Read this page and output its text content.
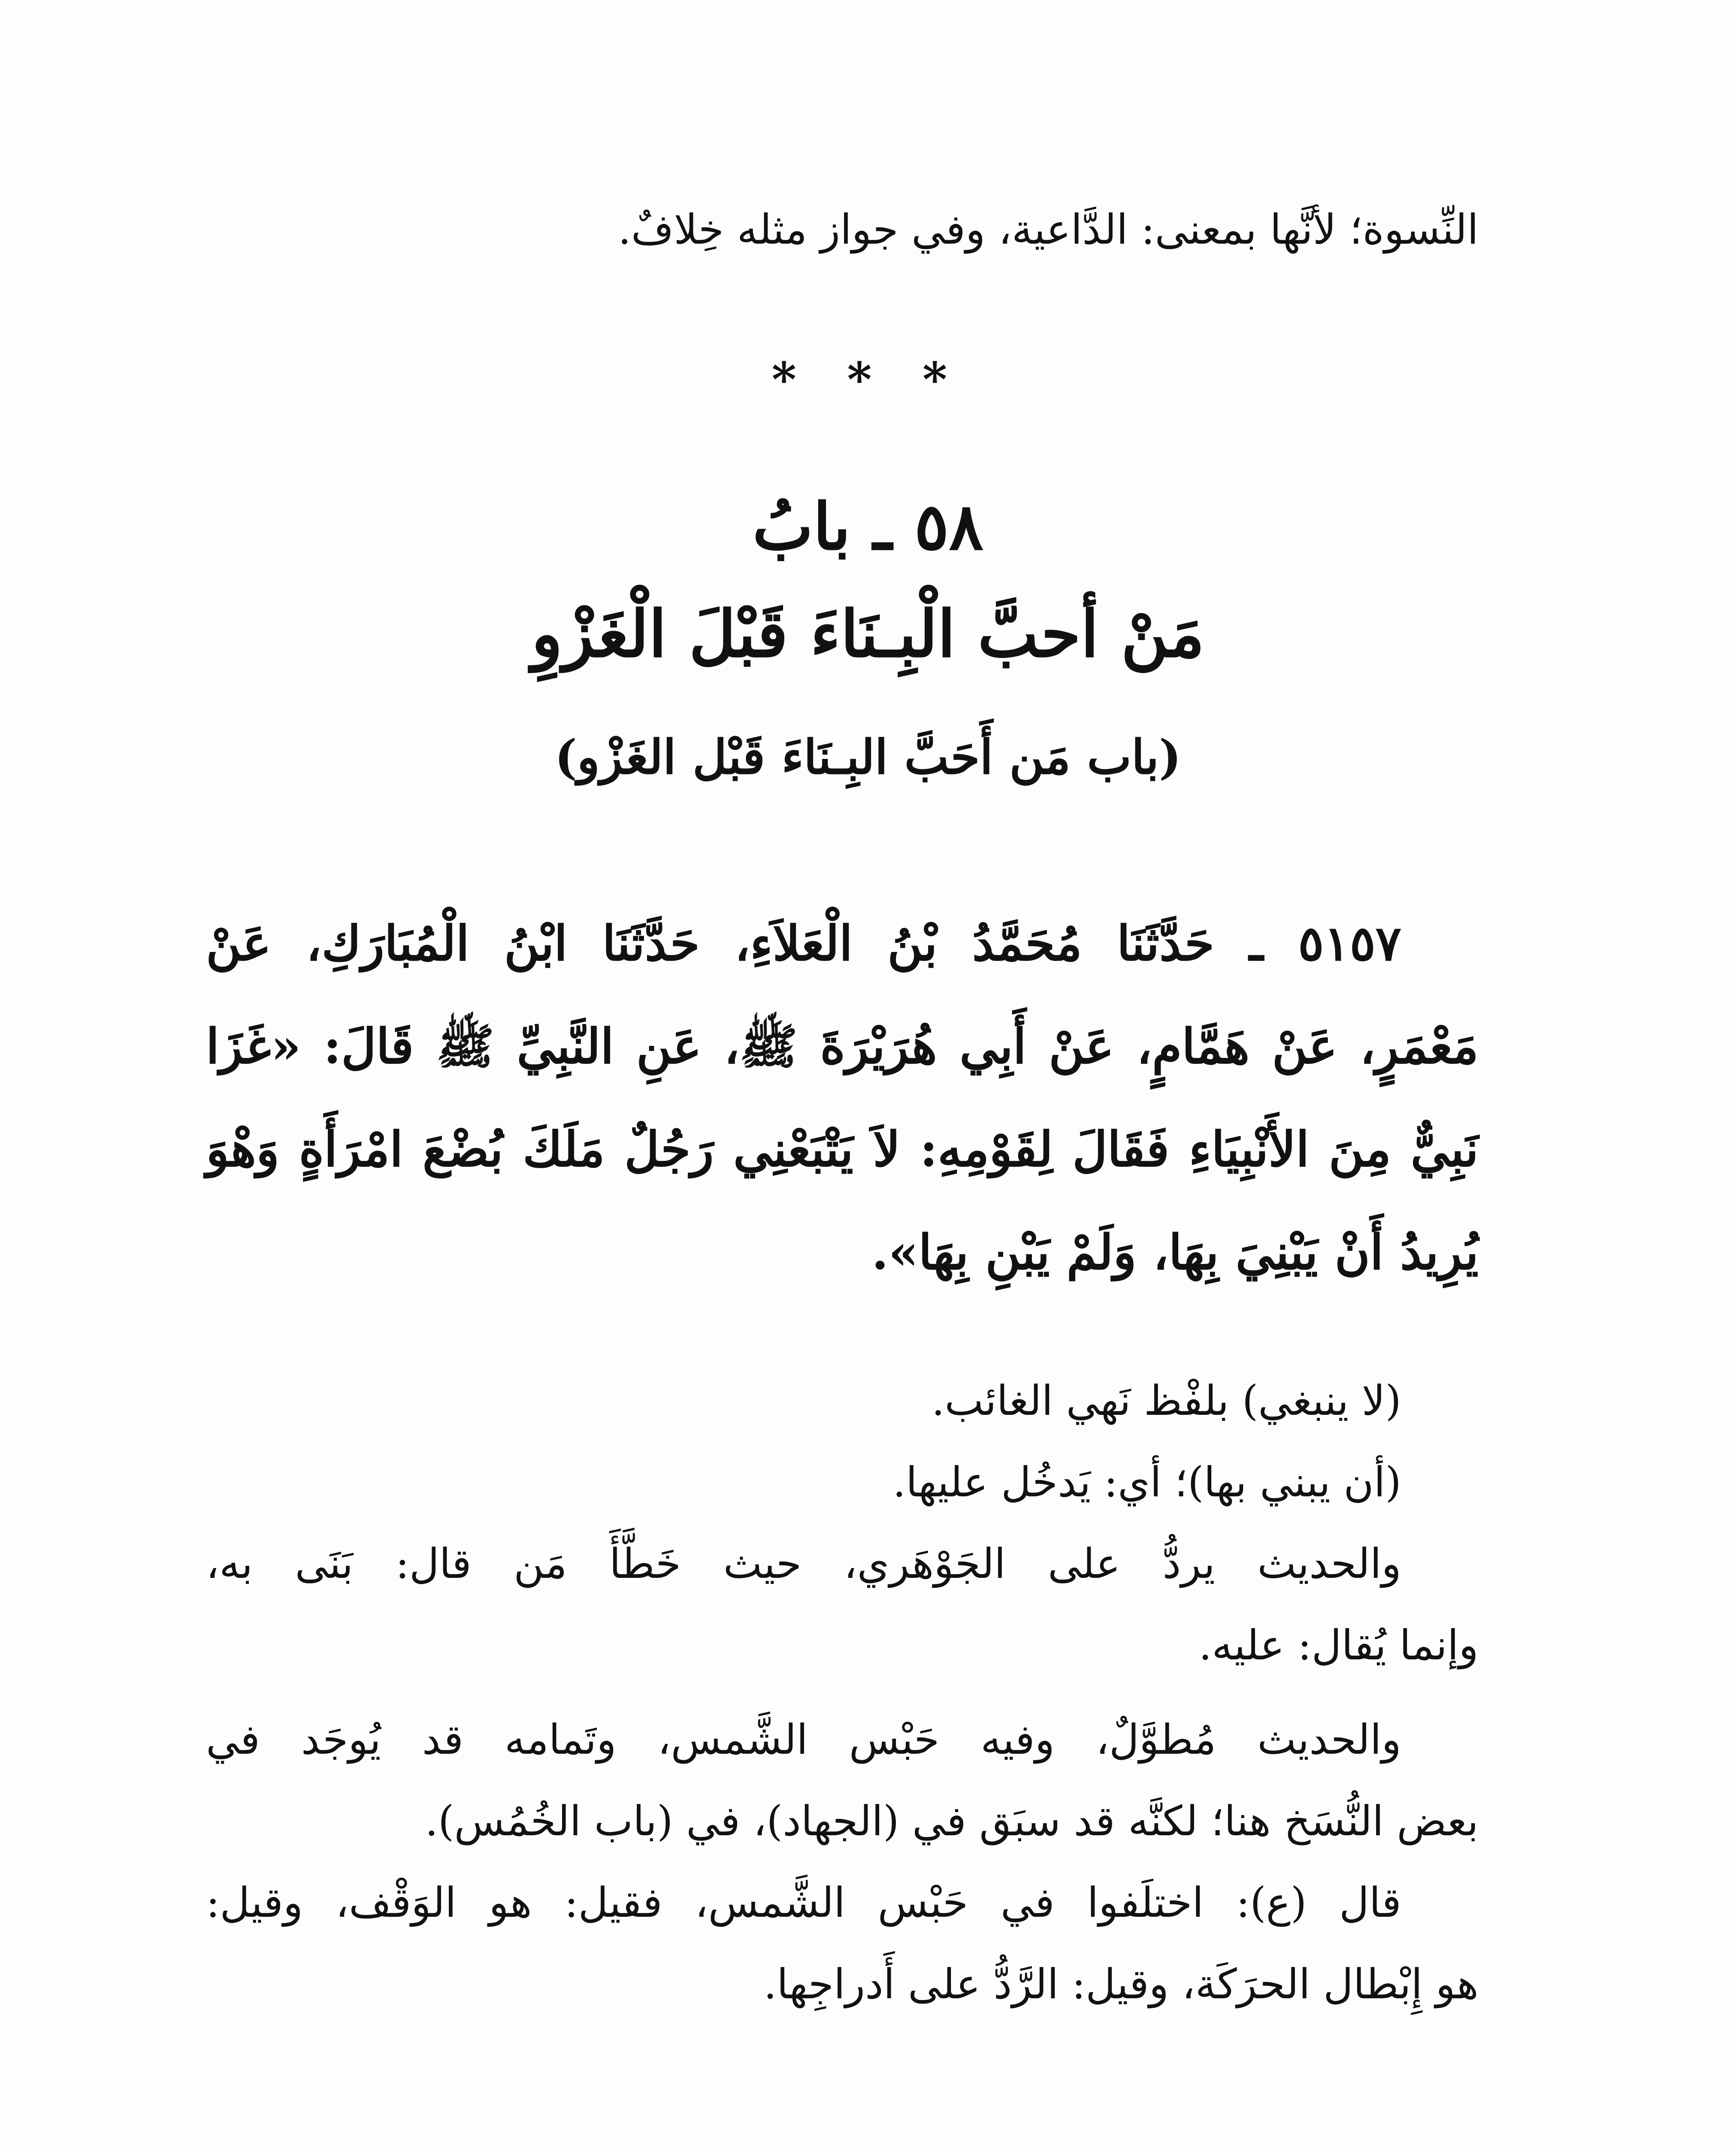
النِّسوة؛ لأنَّها بمعنى: الدَّاعية، وفي جواز مثله خِلافٌ.
* * *
٥٨ ـ بابُ
مَنْ أحبَّ الْبِـنَاءَ قَبْلَ الْغَزْوِ
(باب مَن أَحَبَّ البِـنَاءَ قَبْل الغَزْو)
٥١٥٧ ـ حَدَّثَنَا مُحَمَّدُ بْنُ الْعَلاَءِ، حَدَّثَنَا ابْنُ الْمُبَارَكِ، عَنْ
مَعْمَرٍ، عَنْ هَمَّامٍ، عَنْ أَبِي هُرَيْرَةَ ﷺ، عَنِ النَّبِيِّ ﷺ قَالَ: «غَزَا
نَبِيٌّ مِنَ الأَنْبِيَاءِ فَقَالَ لِقَوْمِهِ: لاَ يَتْبَعْنِي رَجُلٌ مَلَكَ بُضْعَ امْرَأَةٍ وَهْوَ
يُرِيدُ أَنْ يَبْنِيَ بِهَا، وَلَمْ يَبْنِ بِهَا».
(لا ينبغي) بلفْظ نَهي الغائب.
(أن يبني بها)؛ أي: يَدخُل عليها.
والحديث يردُّ على الجَوْهَري، حيث خَطَّأَ مَن قال: بَنَى به،
وإنما يُقال: عليه.
والحديث مُطوَّلٌ، وفيه حَبْس الشَّمس، وتَمامه قد يُوجَد في
بعض النُّسَخ هنا؛ لكنَّه قد سبَق في (الجهاد)، في (باب الخُمُس).
قال (ع): اختلَفوا في حَبْس الشَّمس، فقيل: هو الوَقْف، وقيل:
هو إِبْطال الحرَكَة، وقيل: الرَّدُّ على أَدراجِها.
